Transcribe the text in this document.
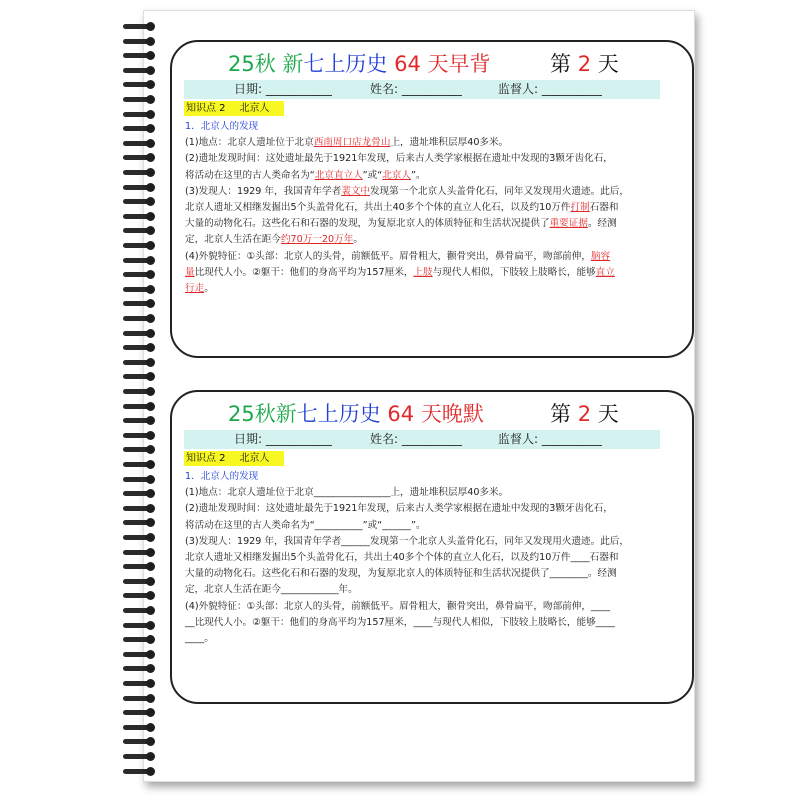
25秋 新七上历史 64 天早背	第 2 天
日期: ___________	姓名: __________	监督人: __________
知识点 2 北京人
1．北京人的发现
(1)地点：北京人遗址位于北京西南周口店龙骨山上，遗址堆积层厚40多米。
(2)遗址发现时间：这处遗址最先于1921年发现，后来古人类学家根据在遗址中发现的3颗牙齿化石，
将活动在这里的古人类命名为“北京直立人”或“北京人”。
(3)发现人：1929 年，我国青年学者裴文中发现第一个北京人头盖骨化石，同年又发现用火遗迹。此后，
北京人遗址又相继发掘出5个头盖骨化石，共出土40多个个体的直立人化石，以及约10万件打制石器和
大量的动物化石。这些化石和石器的发现，为复原北京人的体质特征和生活状况提供了重要证据。经测
定，北京人生活在距今约70万一20万年。
(4)外貌特征：①头部：北京人的头骨，前额低平。眉骨粗大，颧骨突出，鼻骨扁平，吻部前伸，脑容
量比现代人小。②躯干：他们的身高平均为157厘米，上肢与现代人相似，下肢较上肢略长，能够直立
行走。
25秋新七上历史 64 天晚默	第 2 天
日期: ___________	姓名: __________	监督人: __________
知识点 2 北京人
1．北京人的发现
(1)地点：北京人遗址位于北京________________上，遗址堆积层厚40多米。
(2)遗址发现时间：这处遗址最先于1921年发现，后来古人类学家根据在遗址中发现的3颗牙齿化石，
将活动在这里的古人类命名为“__________”或“______”。
(3)发现人：1929 年，我国青年学者______发现第一个北京人头盖骨化石，同年又发现用火遗迹。此后，
北京人遗址又相继发掘出5个头盖骨化石，共出土40多个个体的直立人化石，以及约10万件____石器和
大量的动物化石。这些化石和石器的发现，为复原北京人的体质特征和生活状况提供了________。经测
定，北京人生活在距今____________年。
(4)外貌特征：①头部：北京人的头骨，前额低平。眉骨粗大，颧骨突出，鼻骨扁平，吻部前伸，____
__比现代人小。②躯干：他们的身高平均为157厘米，____与现代人相似，下肢较上肢略长，能够____
____。
